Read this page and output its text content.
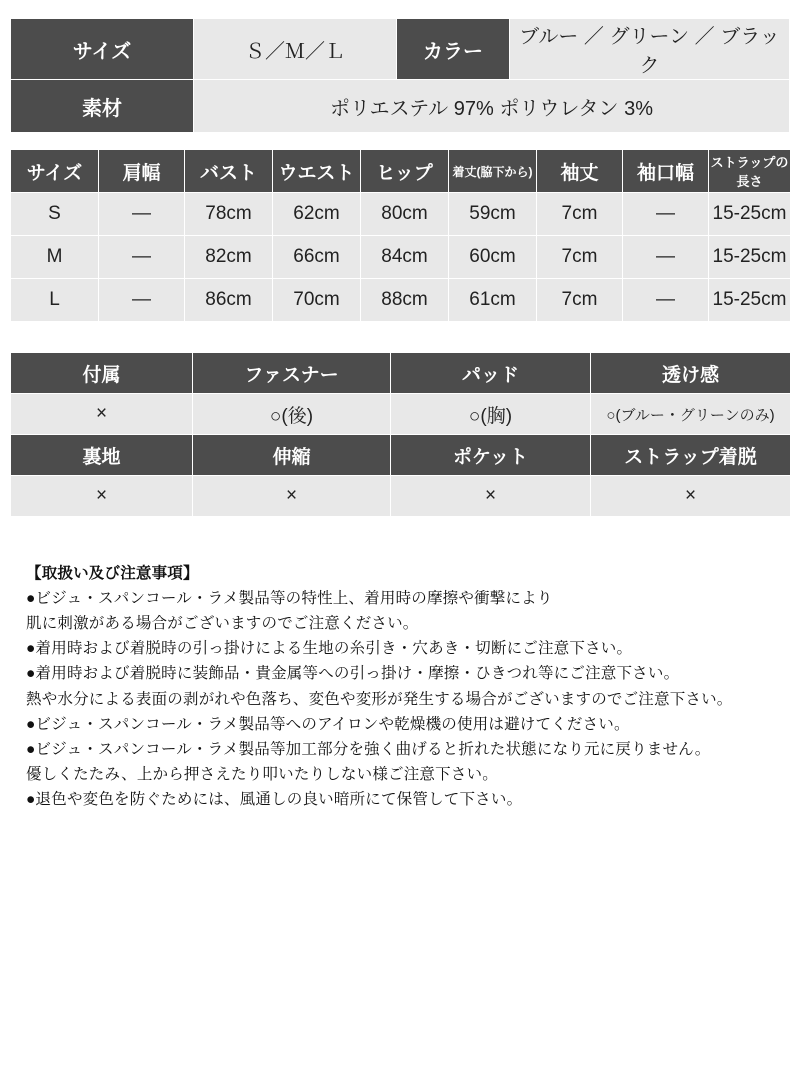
サイズ	Ｓ／Ｍ／Ｌ	カラー	ブルー ／ グリーン ／ ブラック
素材	ポリエステル 97% ポリウレタン 3%		
サイズ	肩幅	バスト	ウエスト	ヒップ	着丈(脇下から)	袖丈	袖口幅	ストラップの長さ
S	—	78cm	62cm	80cm	59cm	7cm	—	15-25cm
M	—	82cm	66cm	84cm	60cm	7cm	—	15-25cm
L	—	86cm	70cm	88cm	61cm	7cm	—	15-25cm
付属	ファスナー	パッド	透け感
×	○(後)	○(胸)	○(ブルー・グリーンのみ)
裏地	伸縮	ポケット	ストラップ着脱
×	×	×	×
【取扱い及び注意事項】
●ビジュ・スパンコール・ラメ製品等の特性上、着用時の摩擦や衝撃により
肌に刺激がある場合がございますのでご注意ください。
●着用時および着脱時の引っ掛けによる生地の糸引き・穴あき・切断にご注意下さい。
●着用時および着脱時に装飾品・貴金属等への引っ掛け・摩擦・ひきつれ等にご注意下さい。
熱や水分による表面の剥がれや色落ち、変色や変形が発生する場合がございますのでご注意下さい。
●ビジュ・スパンコール・ラメ製品等へのアイロンや乾燥機の使用は避けてください。
●ビジュ・スパンコール・ラメ製品等加工部分を強く曲げると折れた状態になり元に戻りません。
優しくたたみ、上から押さえたり叩いたりしない様ご注意下さい。
●退色や変色を防ぐためには、風通しの良い暗所にて保管して下さい。
